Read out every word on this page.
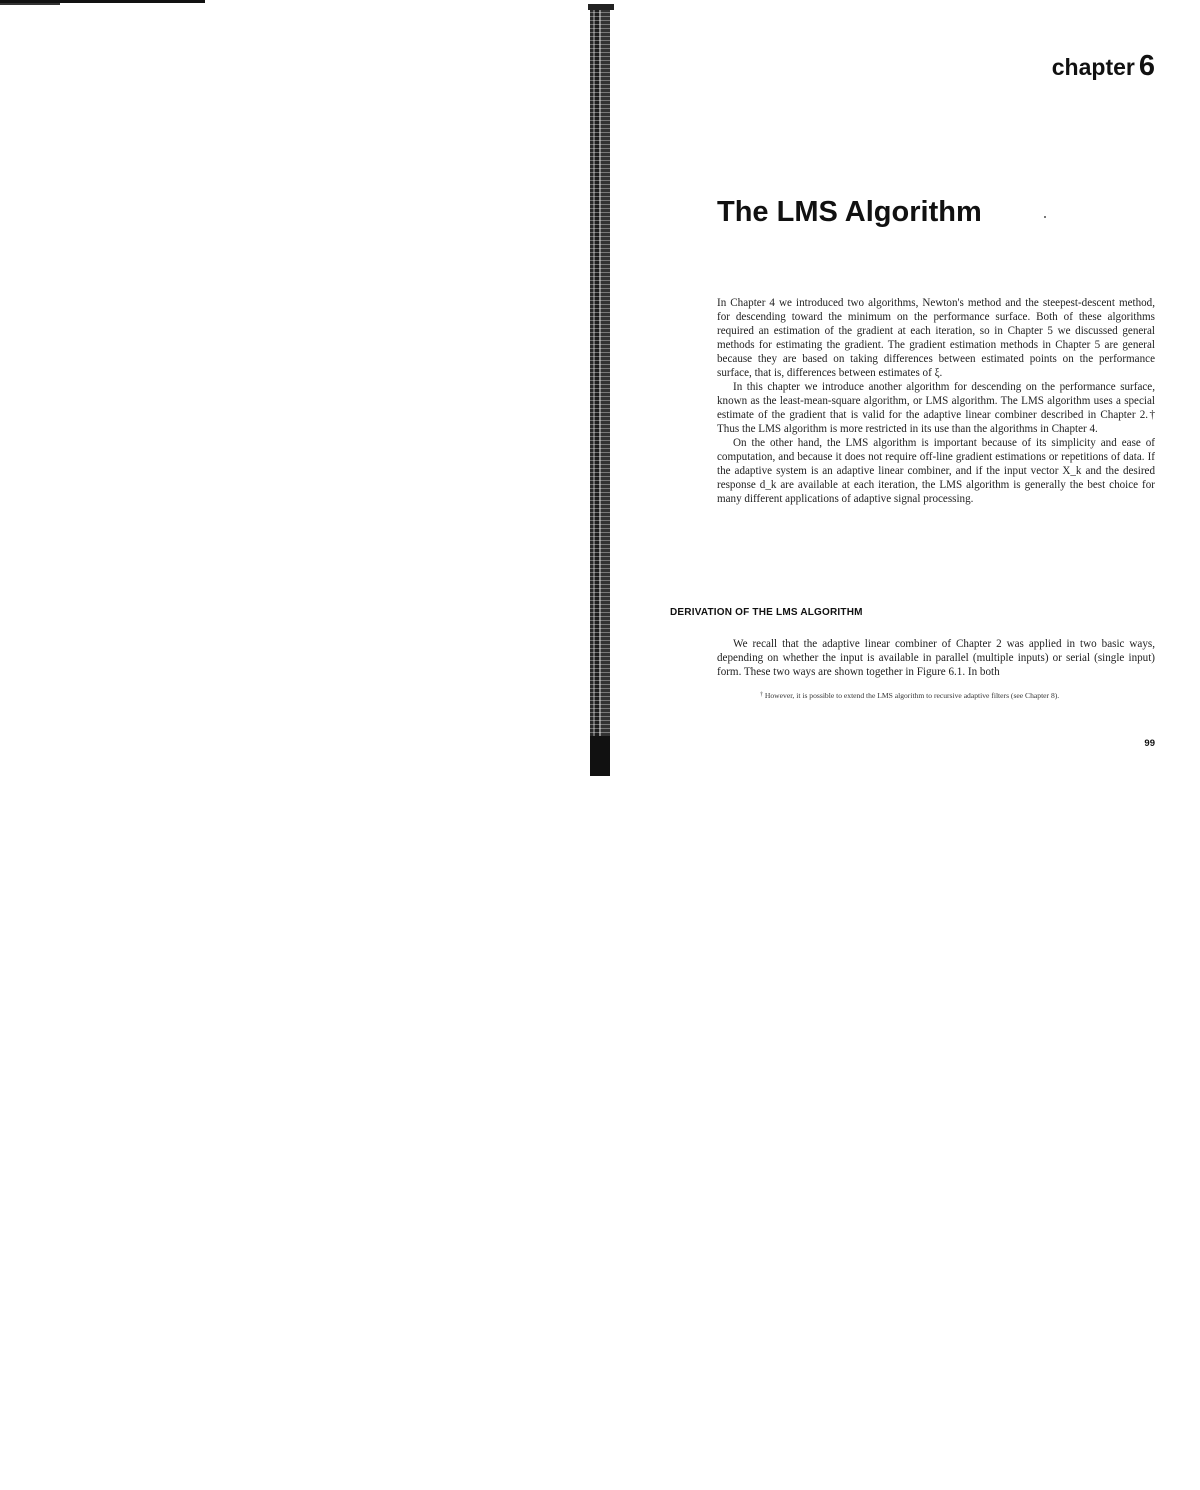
chapter 6
The LMS Algorithm

In Chapter 4 we introduced two algorithms, Newton's method and the steepest-descent method, for descending toward the minimum on the performance surface. Both of these algorithms required an estimation of the gradient at each iteration, so in Chapter 5 we discussed general methods for estimating the gradient. The gradient estimation methods in Chapter 5 are general because they are based on taking differences between estimated points on the performance surface, that is, differences between estimates of ξ.

In this chapter we introduce another algorithm for descending on the performance surface, known as the least-mean-square algorithm, or LMS algorithm. The LMS algorithm uses a special estimate of the gradient that is valid for the adaptive linear combiner described in Chapter 2.† Thus the LMS algorithm is more restricted in its use than the algorithms in Chapter 4.

On the other hand, the LMS algorithm is important because of its simplicity and ease of computation, and because it does not require off-line gradient estimations or repetitions of data. If the adaptive system is an adaptive linear combiner, and if the input vector X_k and the desired response d_k are available at each iteration, the LMS algorithm is generally the best choice for many different applications of adaptive signal processing.

DERIVATION OF THE LMS ALGORITHM

We recall that the adaptive linear combiner of Chapter 2 was applied in two basic ways, depending on whether the input is available in parallel (multiple inputs) or serial (single input) form. These two ways are shown together in Figure 6.1. In both

† However, it is possible to extend the LMS algorithm to recursive adaptive filters (see Chapter 8).
99
